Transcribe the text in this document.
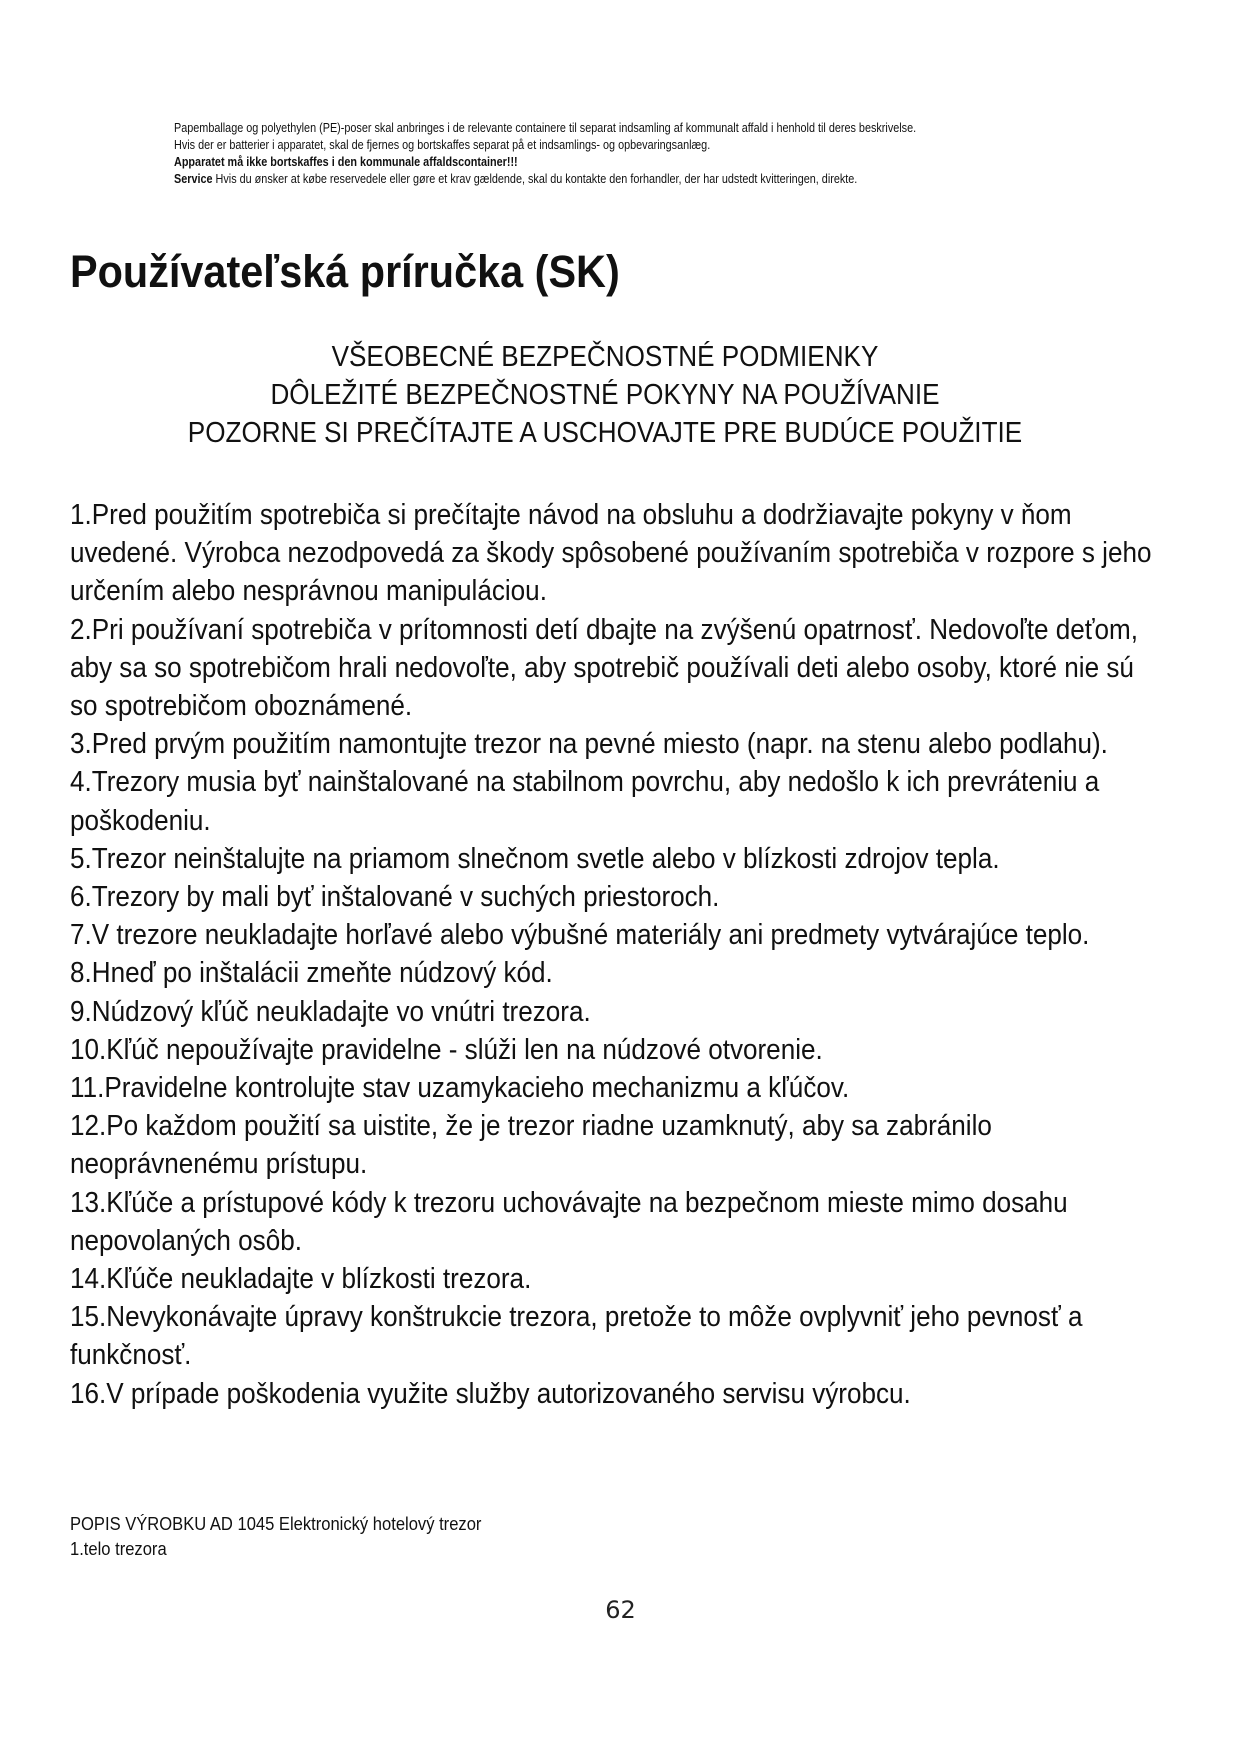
Papemballage og polyethylen (PE)-poser skal anbringes i de relevante containere til separat indsamling af kommunalt affald i henhold til deres beskrivelse.
Hvis der er batterier i apparatet, skal de fjernes og bortskaffes separat på et indsamlings- og opbevaringsanlæg.
Apparatet må ikke bortskaffes i den kommunale affaldscontainer!!!
Service Hvis du ønsker at købe reservedele eller gøre et krav gældende, skal du kontakte den forhandler, der har udstedt kvitteringen, direkte.
Používateľská príručka (SK)
VŠEOBECNÉ BEZPEČNOSTNÉ PODMIENKY
DÔLEŽITÉ BEZPEČNOSTNÉ POKYNY NA POUŽÍVANIE
POZORNE SI PREČÍTAJTE A USCHOVAJTE PRE BUDÚCE POUŽITIE
1.Pred použitím spotrebiča si prečítajte návod na obsluhu a dodržiavajte pokyny v ňom uvedené. Výrobca nezodpovedá za škody spôsobené používaním spotrebiča v rozpore s jeho určením alebo nesprávnou manipuláciou.
2.Pri používaní spotrebiča v prítomnosti detí dbajte na zvýšenú opatrnosť. Nedovoľte deťom, aby sa so spotrebičom hrali nedovoľte, aby spotrebič používali deti alebo osoby, ktoré nie sú so spotrebičom oboznámené.
3.Pred prvým použitím namontujte trezor na pevné miesto (napr. na stenu alebo podlahu).
4.Trezory musia byť nainštalované na stabilnom povrchu, aby nedošlo k ich prevráteniu a poškodeniu.
5.Trezor neinštalujte na priamom slnečnom svetle alebo v blízkosti zdrojov tepla.
6.Trezory by mali byť inštalované v suchých priestoroch.
7.V trezore neukladajte horľavé alebo výbušné materiály ani predmety vytvárajúce teplo.
8.Hneď po inštalácii zmeňte núdzový kód.
9.Núdzový kľúč neukladajte vo vnútri trezora.
10.Kľúč nepoužívajte pravidelne - slúži len na núdzové otvorenie.
11.Pravidelne kontrolujte stav uzamykacieho mechanizmu a kľúčov.
12.Po každom použití sa uistite, že je trezor riadne uzamknutý, aby sa zabránilo neoprávnenému prístupu.
13.Kľúče a prístupové kódy k trezoru uchovávajte na bezpečnom mieste mimo dosahu nepovolaných osôb.
14.Kľúče neukladajte v blízkosti trezora.
15.Nevykonávajte úpravy konštrukcie trezora, pretože to môže ovplyvniť jeho pevnosť a funkčnosť.
16.V prípade poškodenia využite služby autorizovaného servisu výrobcu.
POPIS VÝROBKU AD 1045 Elektronický hotelový trezor
1.telo trezora
62
